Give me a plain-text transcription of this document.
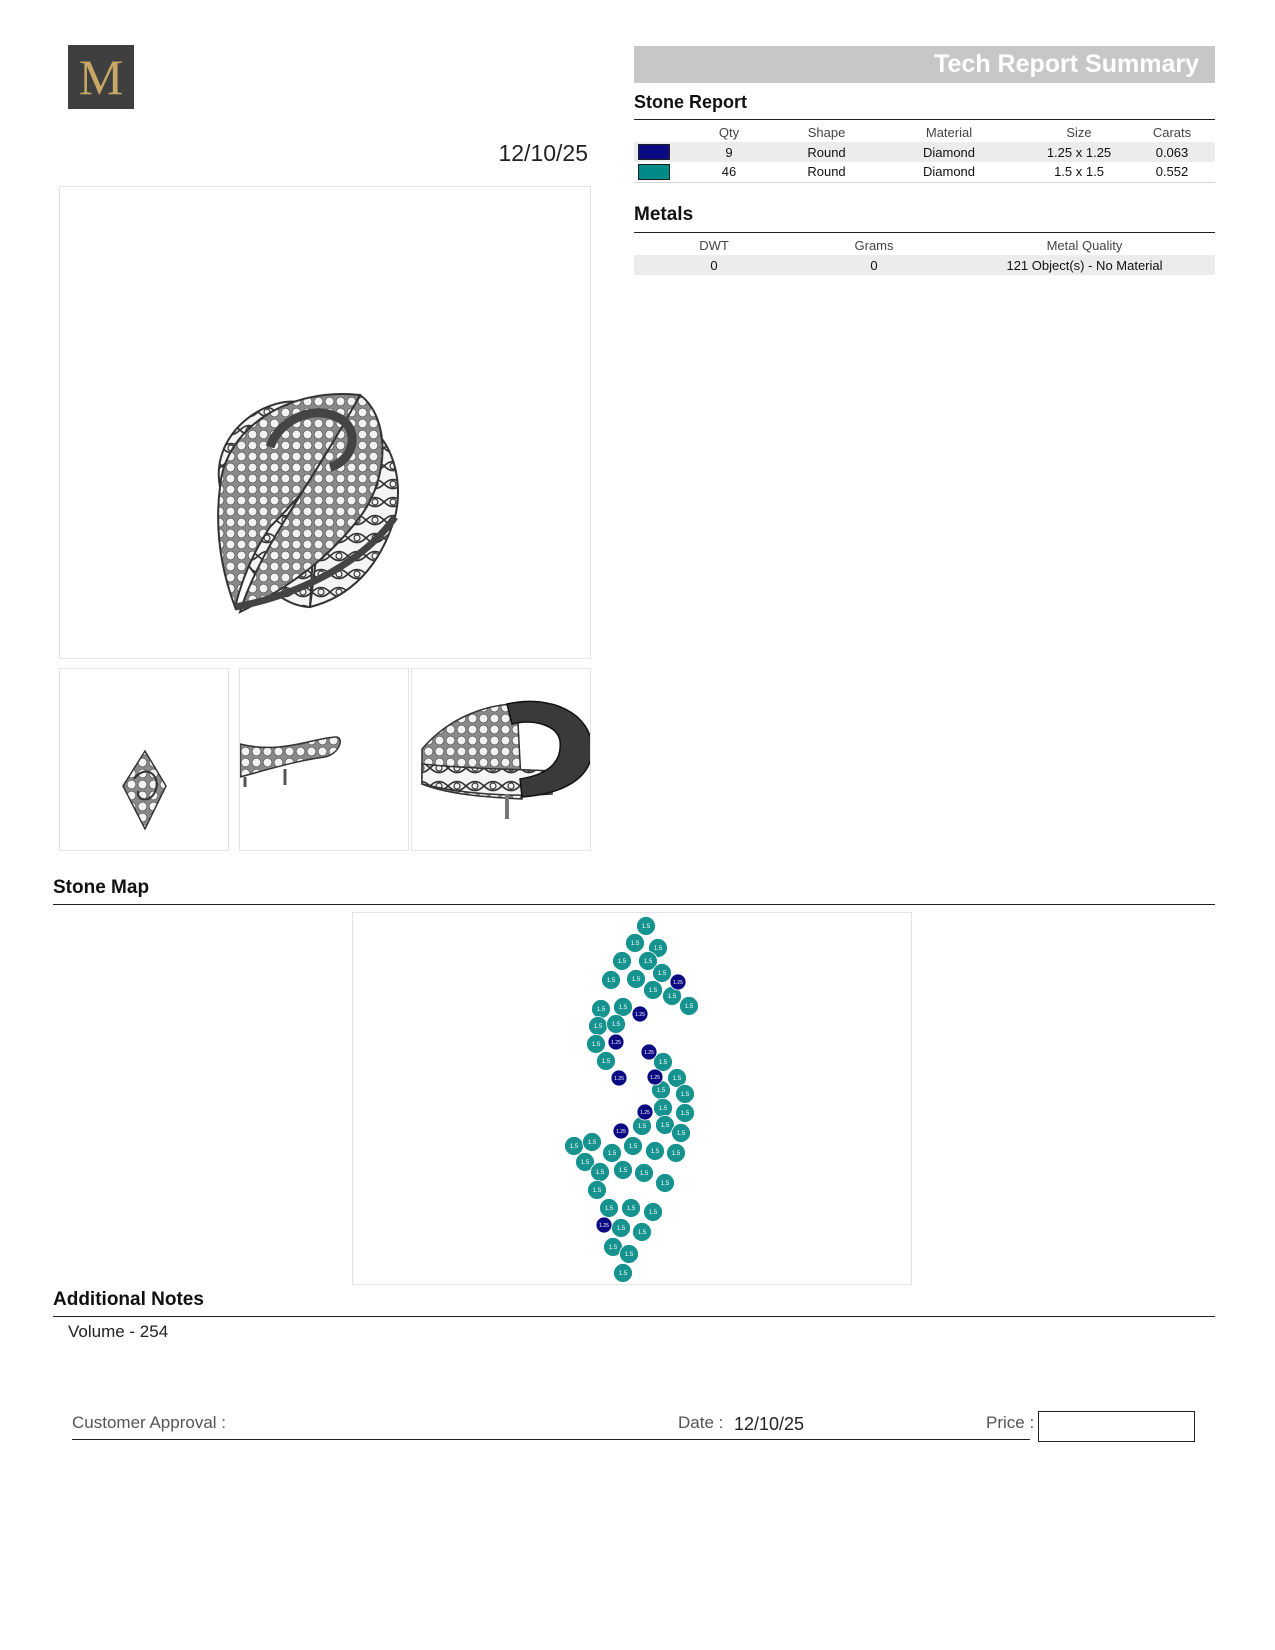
M
12/10/25
Tech Report Summary
Stone Report
	Qty	Shape	Material	Size	Carats
	9	Round	Diamond	1.25 x 1.25	0.063
	46	Round	Diamond	1.5 x 1.5	0.552
Metals
DWT	Grams	Metal Quality
0	0	121 Object(s) - No Material
Stone Map
1.5
1.5
1.5
1.5	1.5
1.5	1.5
1.5
1.5
1.5
1.5
1.5 1.5
1.5 1.5
1.5
1.5	1.5
1.5
1.5
1.5
1.5
1.5
1.5 1.5
1.5
1.5
1.5
1.5
1.5
1.5 1.5
1.5
1.5 1.5
1.5
1.5
1.5
1.5 1.5
1.5
1.5
1.5
1.5
1.5
1.5
1.25
1.25
1.25
1.25
1.25	1.25
1.25
1.25
1.25
Additional Notes
Volume - 254
Customer Approval :	Date : 12/10/25	Price :
